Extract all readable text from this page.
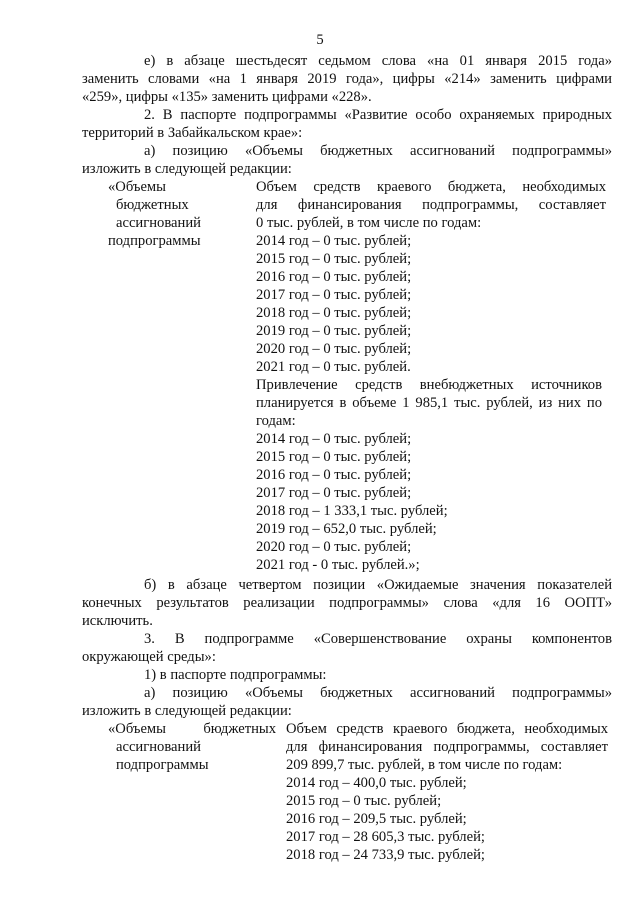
5
е) в абзаце шестьдесят седьмом слова «на 01 января 2015 года»
заменить словами «на 1 января 2019 года», цифры «214» заменить цифрами
«259», цифры «135» заменить цифрами «228».
2. В паспорте подпрограммы «Развитие особо охраняемых природных
территорий в Забайкальском крае»:
а) позицию «Объемы бюджетных ассигнований подпрограммы»
изложить в следующей редакции:
«Объемы
бюджетных
ассигнований
подпрограммы
Объем средств краевого бюджета, необходимых
для финансирования подпрограммы, составляет
0 тыс. рублей, в том числе по годам:
2014 год – 0 тыс. рублей;
2015 год – 0 тыс. рублей;
2016 год – 0 тыс. рублей;
2017 год – 0 тыс. рублей;
2018 год – 0 тыс. рублей;
2019 год – 0 тыс. рублей;
2020 год – 0 тыс. рублей;
2021 год – 0 тыс. рублей.
Привлечение средств внебюджетных источников
планируется в объеме 1 985,1 тыс. рублей, из них по
годам:
2014 год – 0 тыс. рублей;
2015 год – 0 тыс. рублей;
2016 год – 0 тыс. рублей;
2017 год – 0 тыс. рублей;
2018 год – 1 333,1 тыс. рублей;
2019 год – 652,0 тыс. рублей;
2020 год – 0 тыс. рублей;
2021 год - 0 тыс. рублей.»;
б) в абзаце четвертом позиции «Ожидаемые значения показателей
конечных результатов реализации подпрограммы» слова «для 16 ООПТ»
исключить.
3. В подпрограмме «Совершенствование охраны компонентов
окружающей среды»:
1) в паспорте подпрограммы:
а) позицию «Объемы бюджетных ассигнований подпрограммы»
изложить в следующей редакции:
«Объемы бюджетных
ассигнований
подпрограммы
Объем средств краевого бюджета, необходимых
для финансирования подпрограммы, составляет
209 899,7 тыс. рублей, в том числе по годам:
2014 год – 400,0 тыс. рублей;
2015 год – 0 тыс. рублей;
2016 год – 209,5 тыс. рублей;
2017 год – 28 605,3 тыс. рублей;
2018 год – 24 733,9 тыс. рублей;
